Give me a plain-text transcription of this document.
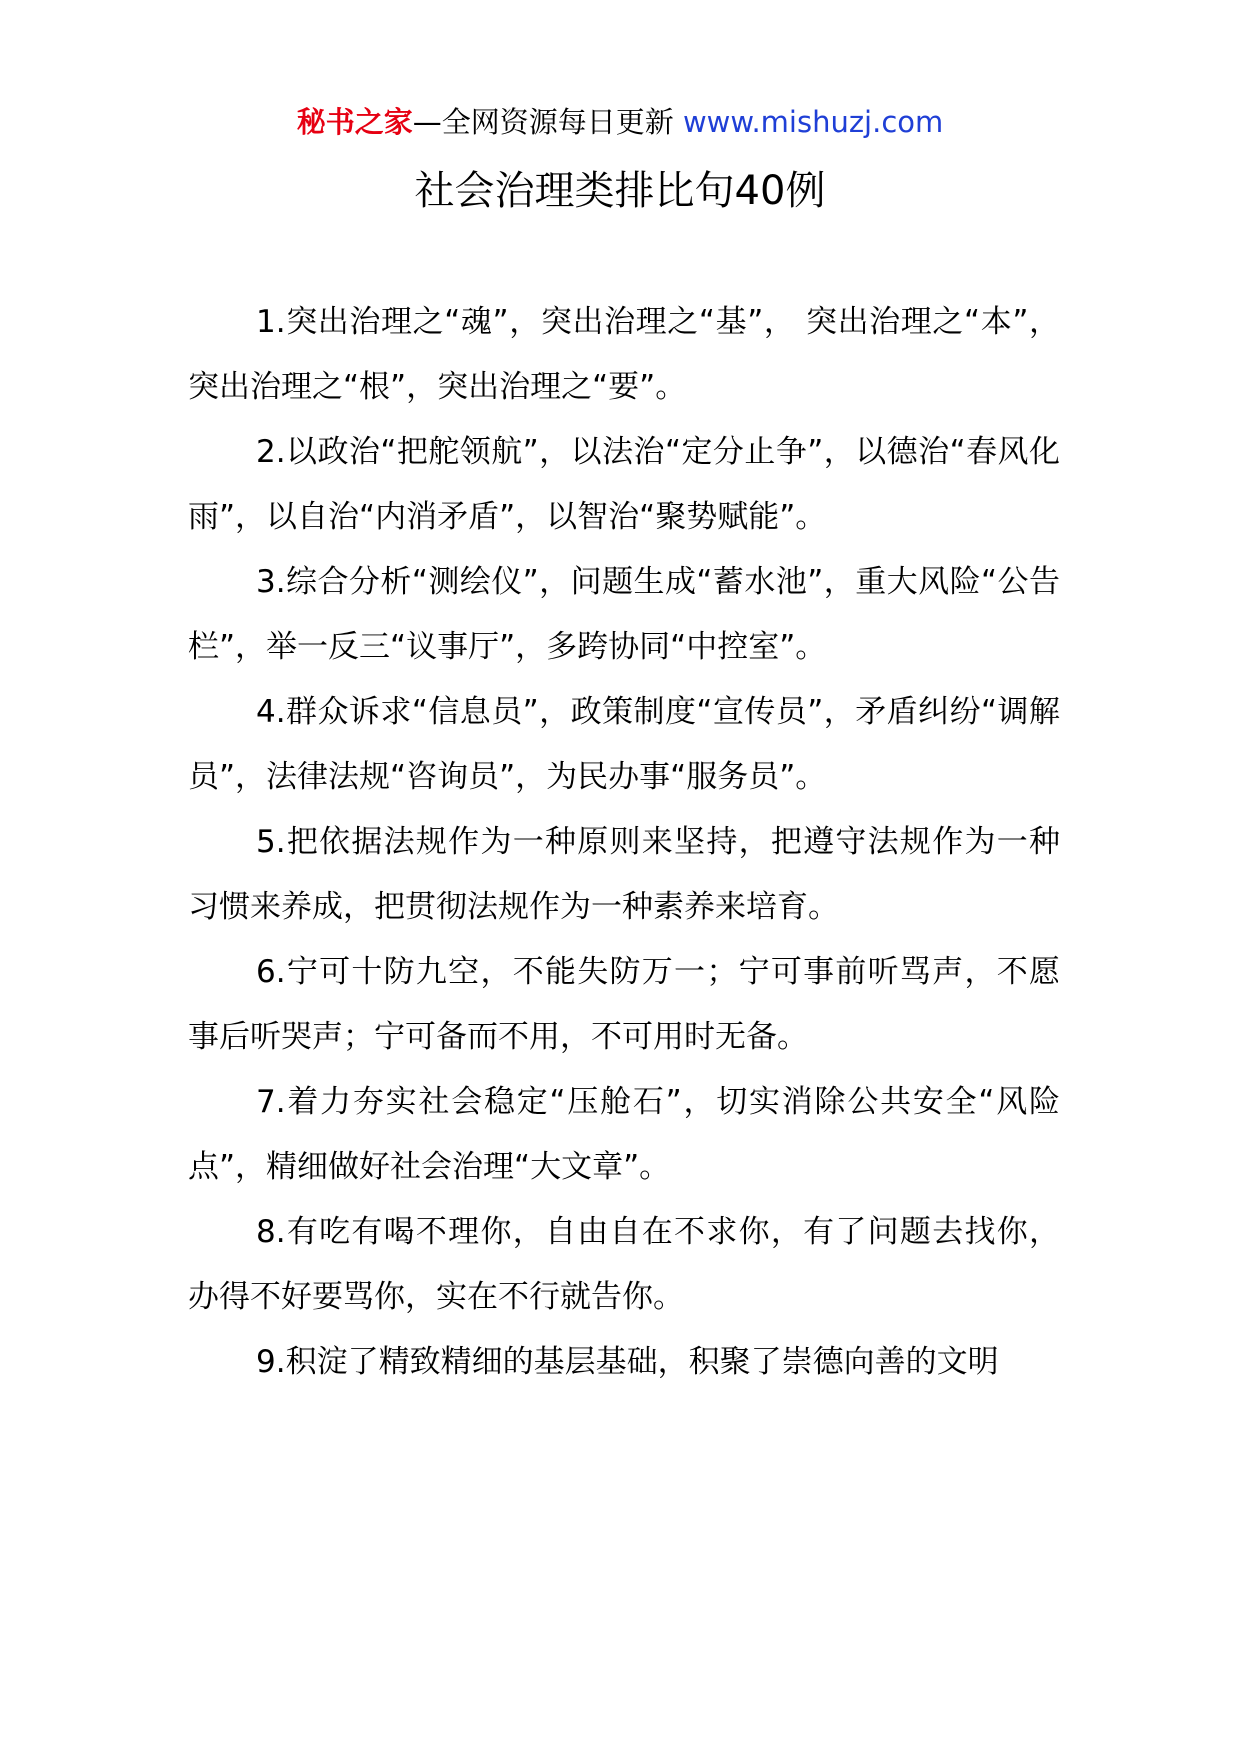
秘书之家—全网资源每日更新 www.mishuzj.com
社会治理类排比句40例

1.突出治理之“魂”，突出治理之“基”， 突出治理之“本”， 突出治理之“根”，突出治理之“要”。

2.以政治“把舵领航”，以法治“定分止争”，以德治“春风化雨”，以自治“内消矛盾”，以智治“聚势赋能”。

3.综合分析“测绘仪”，问题生成“蓄水池”，重大风险“公告栏”，举一反三“议事厅”，多跨协同“中控室”。

4.群众诉求“信息员”，政策制度“宣传员”，矛盾纠纷“调解员”，法律法规“咨询员”，为民办事“服务员”。

5.把依据法规作为一种原则来坚持，把遵守法规作为一种习惯来养成，把贯彻法规作为一种素养来培育。

6.宁可十防九空，不能失防万一；宁可事前听骂声，不愿事后听哭声；宁可备而不用，不可用时无备。

7.着力夯实社会稳定“压舱石”，切实消除公共安全“风险点”，精细做好社会治理“大文章”。

8.有吃有喝不理你，自由自在不求你，有了问题去找你，办得不好要骂你，实在不行就告你。

9.积淀了精致精细的基层基础，积聚了崇德向善的文明
